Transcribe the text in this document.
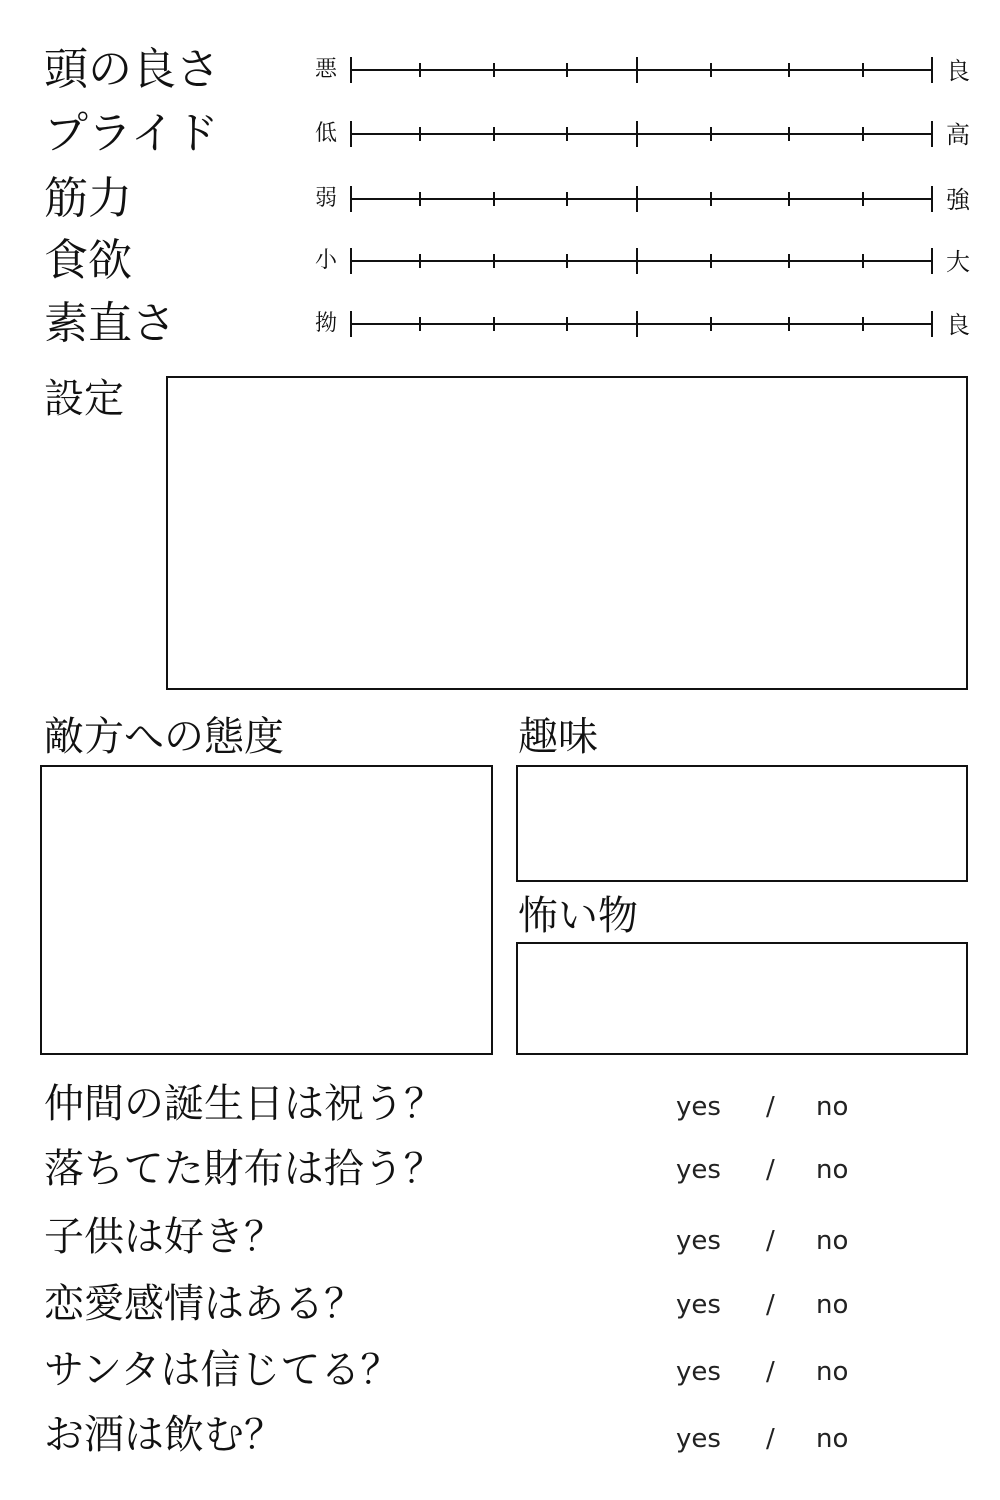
頭の良さ	悪	良
プライド	低	高
筋力	弱	強
食欲	小	大
素直さ	拗	良
設定
敵方への態度	趣味
怖い物
仲間の誕生日は祝う？	yes / no
落ちてた財布は拾う？	yes / no
子供は好き？	yes / no
恋愛感情はある？	yes / no
サンタは信じてる？	yes / no
お酒は飲む？	yes / no
